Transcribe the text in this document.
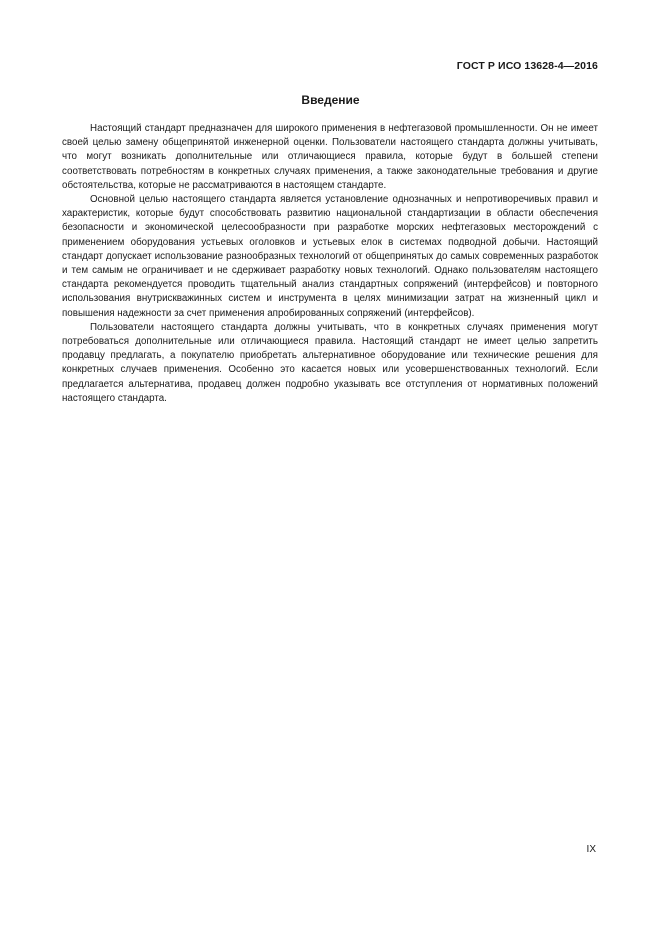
ГОСТ Р ИСО 13628-4—2016
Введение

Настоящий стандарт предназначен для широкого применения в нефтегазовой промышленности. Он не имеет своей целью замену общепринятой инженерной оценки. Пользователи настоящего стандарта должны учитывать, что могут возникать дополнительные или отличающиеся правила, которые будут в большей степени соответствовать потребностям в конкретных случаях применения, а также законодательные требования и другие обстоятельства, которые не рассматриваются в настоящем стандарте.

Основной целью настоящего стандарта является установление однозначных и непротиворечивых правил и характеристик, которые будут способствовать развитию национальной стандартизации в области обеспечения безопасности и экономической целесообразности при разработке морских нефтегазовых месторождений с применением оборудования устьевых оголовков и устьевых елок в системах подводной добычи. Настоящий стандарт допускает использование разнообразных технологий от общепринятых до самых современных разработок и тем самым не ограничивает и не сдерживает разработку новых технологий. Однако пользователям настоящего стандарта рекомендуется проводить тщательный анализ стандартных сопряжений (интерфейсов) и повторного использования внутрискважинных систем и инструмента в целях минимизации затрат на жизненный цикл и повышения надежности за счет применения апробированных сопряжений (интерфейсов).

Пользователи настоящего стандарта должны учитывать, что в конкретных случаях применения могут потребоваться дополнительные или отличающиеся правила. Настоящий стандарт не имеет целью запретить продавцу предлагать, а покупателю приобретать альтернативное оборудование или технические решения для конкретных случаев применения. Особенно это касается новых или усовершенствованных технологий. Если предлагается альтернатива, продавец должен подробно указывать все отступления от нормативных положений настоящего стандарта.

IX
